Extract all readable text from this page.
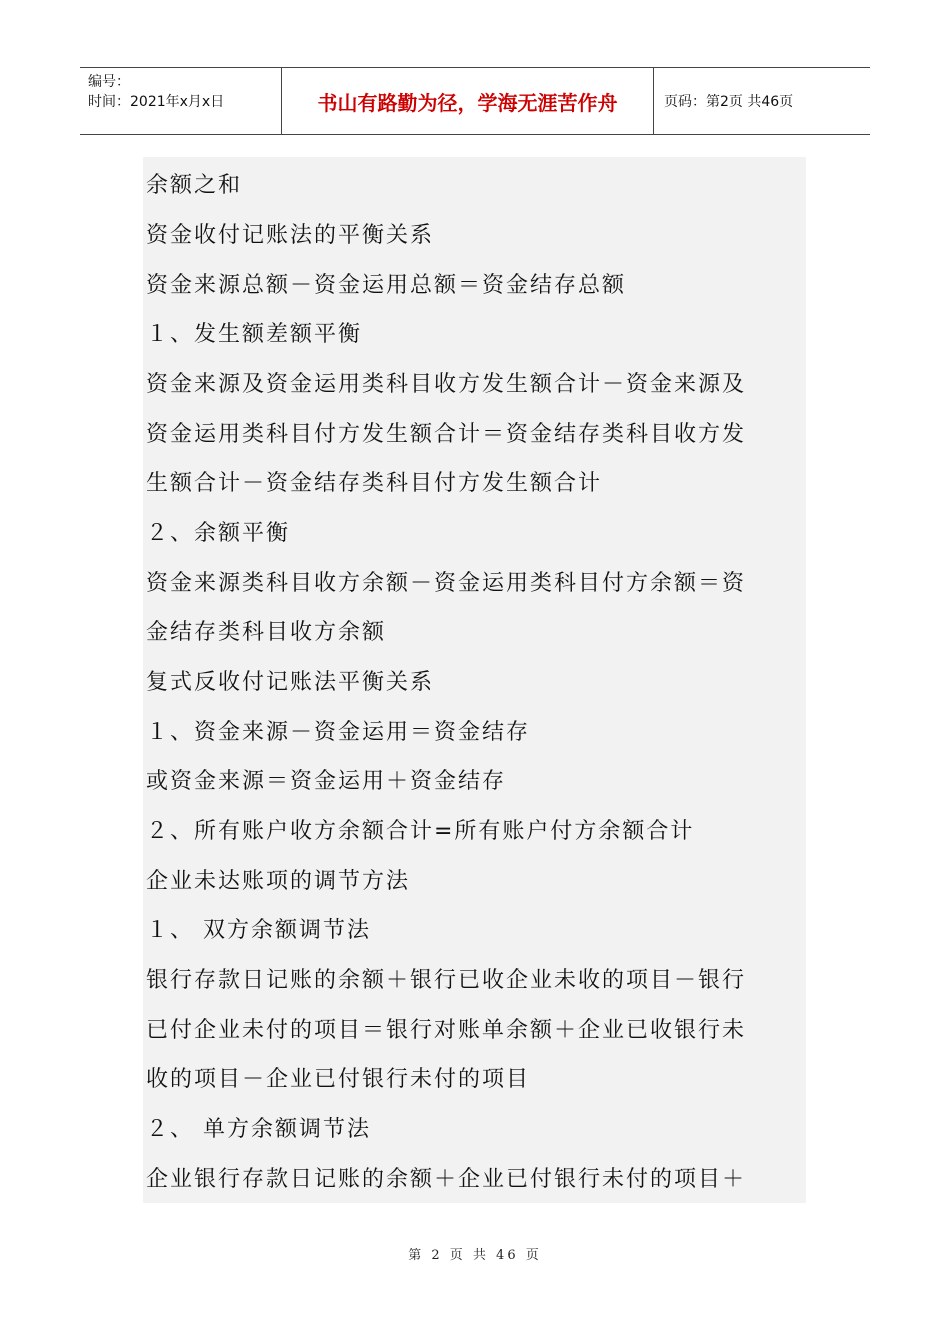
编号：
时间：2021年x月x日	书山有路勤为径，学海无涯苦作舟	页码：第2页 共46页
余额之和
资金收付记账法的平衡关系
资金来源总额－资金运用总额＝资金结存总额
１、发生额差额平衡
资金来源及资金运用类科目收方发生额合计－资金来源及
资金运用类科目付方发生额合计＝资金结存类科目收方发
生额合计－资金结存类科目付方发生额合计
２、余额平衡
资金来源类科目收方余额－资金运用类科目付方余额＝资
金结存类科目收方余额
复式反收付记账法平衡关系
１、资金来源－资金运用＝资金结存
或资金来源＝资金运用＋资金结存
２、所有账户收方余额合计=所有账户付方余额合计
企业未达账项的调节方法
１、 双方余额调节法
银行存款日记账的余额＋银行已收企业未收的项目－银行
已付企业未付的项目＝银行对账单余额＋企业已收银行未
收的项目－企业已付银行未付的项目
２、 单方余额调节法
企业银行存款日记账的余额＋企业已付银行未付的项目＋
第 2 页 共 46 页
